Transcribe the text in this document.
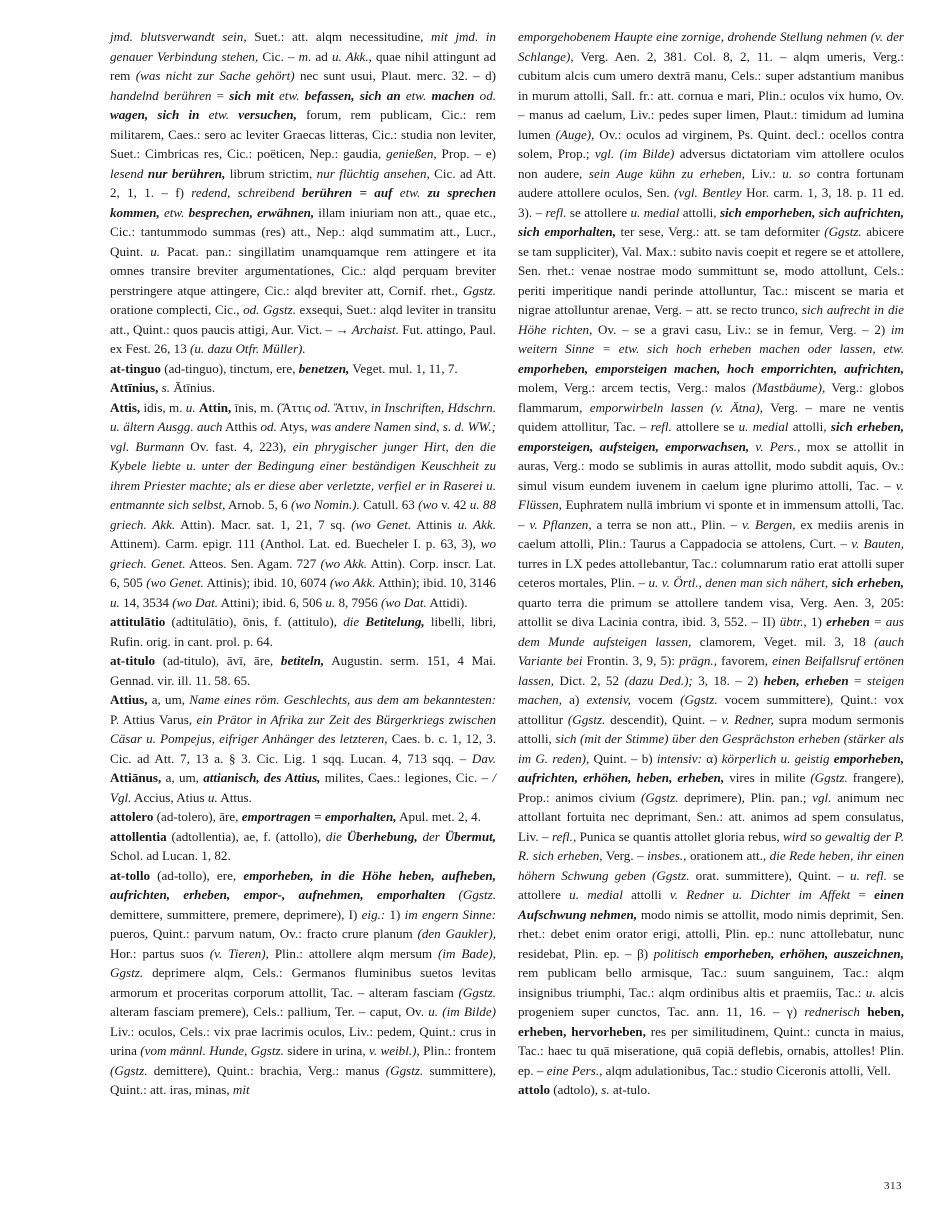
jmd. blutsverwandt sein, Suet.: att. alqm necessitudine, mit jmd. in genauer Verbindung stehen, Cic. – m. ad u. Akk., quae nihil attingunt ad rem (was nicht zur Sache gehört) nec sunt usui, Plaut. merc. 32. – d) handelnd berühren = sich mit etw. befassen, sich an etw. machen od. wagen, sich in etw. versuchen, forum, rem publicam, Cic.: rem militarem, Caes.: sero ac leviter Graecas litteras, Cic.: studia non leviter, Suet.: Cimbricas res, Cic.: poëticen, Nep.: gaudia, genießen, Prop. – e) lesend nur berühren, librum strictim, nur flüchtig ansehen, Cic. ad Att. 2, 1, 1. – f) redend, schreibend berühren = auf etw. zu sprechen kommen, etw. besprechen, erwähnen, illam iniuriam non att., quae etc., Cic.: tantummodo summas (res) att., Nep.: alqd summatim att., Lucr., Quint. u. Pacat. pan.: singillatim unamquamque rem attingere et ita omnes transire breviter argumentationes, Cic.: alqd perquam breviter perstringere atque attingere, Cic.: alqd breviter att, Cornif. rhet., Ggstz. oratione complecti, Cic., od. Ggstz. exsequi, Suet.: alqd leviter in transitu att., Quint.: quos paucis attigi, Aur. Vict. – → Archaist. Fut. attingo, Paul. ex Fest. 26, 13 (u. dazu Otfr. Müller).

at-tinguo (ad-tinguo), tinctum, ere, benetzen, Veget. mul. 1, 11, 7.

Attīnius, s. Ātīnius.

Attis, idis, m. u. Attin, īnis, m. (Ἄττις od. Ἄττιν, in Inschriften, Hdschrn. u. ältern Ausgg. auch Atthis od. Atys, was andere Namen sind, s. d. WW.; vgl. Burmann Ov. fast. 4, 223), ein phrygischer junger Hirt, den die Kybele liebte u. unter der Bedingung einer beständigen Keuschheit zu ihrem Priester machte; als er diese aber verletzte, verfiel er in Raserei u. entmannte sich selbst, Arnob. 5, 6 (wo Nomin.). Catull. 63 (wo v. 42 u. 88 griech. Akk. Attin). Macr. sat. 1, 21, 7 sq. (wo Genet. Attinis u. Akk. Attinem). Carm. epigr. 111 (Anthol. Lat. ed. Buecheler I. p. 63, 3), wo griech. Genet. Atteos. Sen. Agam. 727 (wo Akk. Attin). Corp. inscr. Lat. 6, 505 (wo Genet. Attinis); ibid. 10, 6074 (wo Akk. Atthin); ibid. 10, 3146 u. 14, 3534 (wo Dat. Attini); ibid. 6, 506 u. 8, 7956 (wo Dat. Attidi).

attitulātio (adtitulātio), ōnis, f. (attitulo), die Betitelung, libelli, libri, Rufin. orig. in cant. prol. p. 64.

at-titulo (ad-titulo), āvī, āre, betiteln, Augustin. serm. 151, 4 Mai. Gennad. vir. ill. 11. 58. 65.

Attius, a, um, Name eines röm. Geschlechts, aus dem am bekanntesten: P. Attius Varus, ein Prätor in Afrika zur Zeit des Bürgerkriegs zwischen Cäsar u. Pompejus, eifriger Anhänger des letzteren, Caes. b. c. 1, 12, 3. Cic. ad Att. 7, 13 a. § 3. Cic. Lig. 1 sqq. Lucan. 4, 713 sqq. – Dav. Attiānus, a, um, attianisch, des Attius, milites, Caes.: legiones, Cic. – / Vgl. Accius, Atius u. Attus.

attolero (ad-tolero), āre, emportragen = emporhalten, Apul. met. 2, 4.

attollentia (adtollentia), ae, f. (attollo), die Überhebung, der Übermut, Schol. ad Lucan. 1, 82.

at-tollo (ad-tollo), ere, emporheben, in die Höhe heben, aufheben, aufrichten, erheben, empor-, aufnehmen, emporhalten (Ggstz. demittere, summittere, premere, deprimere), I) eig.: 1) im engern Sinne: pueros, Quint.: parvum natum, Ov.: fracto crure planum (den Gaukler), Hor.: partus suos (v. Tieren), Plin.: attollere alqm mersum (im Bade), Ggstz. deprimere alqm, Cels.: Germanos fluminibus suetos levitas armorum et proceritas corporum attollit, Tac. – alteram fasciam (Ggstz. alteram fasciam premere), Cels.: pallium, Ter. – caput, Ov. u. (im Bilde) Liv.: oculos, Cels.: vix prae lacrimis oculos, Liv.: pedem, Quint.: crus in urina (vom männl. Hunde, Ggstz. sidere in urina, v. weibl.), Plin.: frontem (Ggstz. demittere), Quint.: brachia, Verg.: manus (Ggstz. summittere), Quint.: att. iras, minas, mit

emporgehobenem Haupte eine zornige, drohende Stellung nehmen (v. der Schlange), Verg. Aen. 2, 381. Col. 8, 2, 11. – alqm umeris, Verg.: cubitum alcis cum umero dextrā manu, Cels.: super adstantium manibus in murum attolli, Sall. fr.: att. cornua e mari, Plin.: oculos vix humo, Ov. – manus ad caelum, Liv.: pedes super limen, Plaut.: timidum ad lumina lumen (Auge), Ov.: oculos ad virginem, Ps. Quint. decl.: ocellos contra solem, Prop.; vgl. (im Bilde) adversus dictatoriam vim attollere oculos non audere, sein Auge kühn zu erheben, Liv.: u. so contra fortunam audere attollere oculos, Sen. (vgl. Bentley Hor. carm. 1, 3, 18. p. 11 ed. 3). – refl. se attollere u. medial attolli, sich emporheben, sich aufrichten, sich emporhalten, ter sese, Verg.: att. se tam deformiter (Ggstz. abicere se tam suppliciter), Val. Max.: subito navis coepit et regere se et attollere, Sen. rhet.: venae nostrae modo summittunt se, modo attollunt, Cels.: periti imperitique nandi perinde attolluntur, Tac.: miscent se maria et nigrae attolluntur arenae, Verg. – att. se recto trunco, sich aufrecht in die Höhe richten, Ov. – se a gravi casu, Liv.: se in femur, Verg. – 2) im weitern Sinne = etw. sich hoch erheben machen oder lassen, etw. emporheben, emporsteigen machen, hoch emporrichten, aufrichten, molem, Verg.: arcem tectis, Verg.: malos (Mastbäume), Verg.: globos flammarum, emporwirbeln lassen (v. Ätna), Verg. – mare ne ventis quidem attollitur, Tac. – refl. attollere se u. medial attolli, sich erheben, emporsteigen, aufsteigen, emporwachsen, v. Pers., mox se attollit in auras, Verg.: modo se sublimis in auras attollit, modo subdit aquis, Ov.: simul visum eundem iuvenem in caelum igne plurimo attolli, Tac. – v. Flüssen, Euphratem nullā imbrium vi sponte et in immensum attolli, Tac. – v. Pflanzen, a terra se non att., Plin. – v. Bergen, ex mediis arenis in caelum attolli, Plin.: Taurus a Cappadocia se attolens, Curt. – v. Bauten, turres in LX pedes attollebantur, Tac.: columnarum ratio erat attolli super ceteros mortales, Plin. – u. v. Örtl., denen man sich nähert, sich erheben, quarto terra die primum se attollere tandem visa, Verg. Aen. 3, 205: attollit se diva Lacinia contra, ibid. 3, 552. – II) übtr., 1) erheben = aus dem Munde aufsteigen lassen, clamorem, Veget. mil. 3, 18 (auch Variante bei Frontin. 3, 9, 5): prägn., favorem, einen Beifallsruf ertönen lassen, Dict. 2, 52 (dazu Ded.); 3, 18. – 2) heben, erheben = steigen machen, a) extensiv, vocem (Ggstz. vocem summittere), Quint.: vox attollitur (Ggstz. descendit), Quint. – v. Redner, supra modum sermonis attolli, sich (mit der Stimme) über den Gesprächston erheben (stärker als im G. reden), Quint. – b) intensiv: α) körperlich u. geistig emporheben, aufrichten, erhöhen, heben, erheben, vires in milite (Ggstz. frangere), Prop.: animos civium (Ggstz. deprimere), Plin. pan.; vgl. animum nec attollant fortuita nec deprimant, Sen.: att. animos ad spem consulatus, Liv. – refl., Punica se quantis attollet gloria rebus, wird so gewaltig der P. R. sich erheben, Verg. – insbes., orationem att., die Rede heben, ihr einen höhern Schwung geben (Ggstz. orat. summittere), Quint. – u. refl. se attollere u. medial attolli v. Redner u. Dichter im Affekt = einen Aufschwung nehmen, modo nimis se attollit, modo nimis deprimit, Sen. rhet.: debet enim orator erigi, attolli, Plin. ep.: nunc attollebatur, nunc residebat, Plin. ep. – β) politisch emporheben, erhöhen, auszeichnen, rem publicam bello armisque, Tac.: suum sanguinem, Tac.: alqm insignibus triumphi, Tac.: alqm ordinibus altis et praemiis, Tac.: u. alcis progeniem super cunctos, Tac. ann. 11, 16. – γ) rednerisch heben, erheben, hervorheben, res per similitudinem, Quint.: cuncta in maius, Tac.: haec tu quā miseratione, quā copiā deflebis, ornabis, attolles! Plin. ep. – eine Pers., alqm adulationibus, Tac.: studio Ciceronis attolli, Vell.

attolo (adtolo), s. at-tulo.

313
